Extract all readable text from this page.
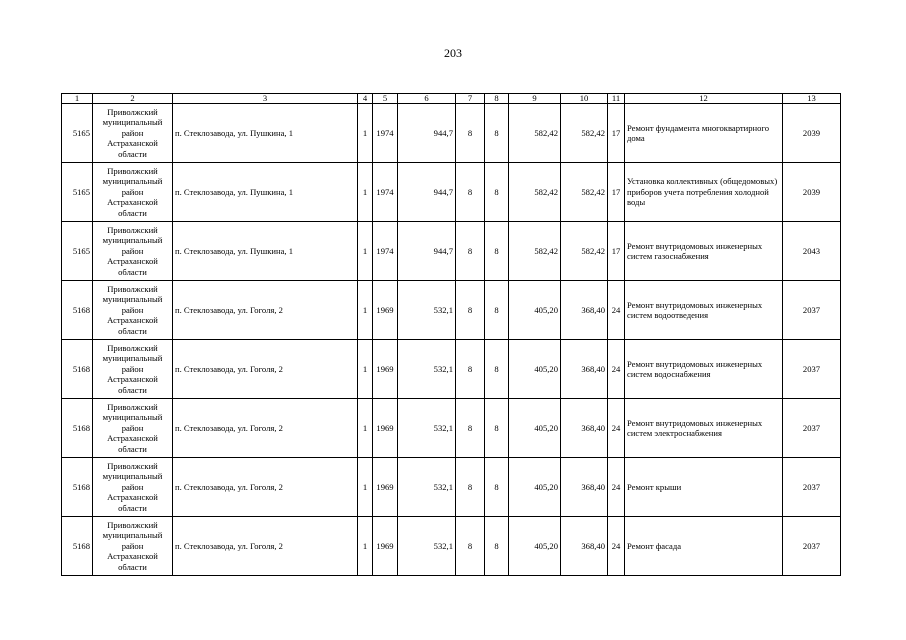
203
1	2	3	4	5	6	7	8	9	10	11	12	13
5165	Приволжский
муниципальный
район
Астраханской
области	п. Стеклозавода, ул. Пушкина, 1	1	1974	944,7	8	8	582,42	582,42	17	Ремонт фундамента многоквартирного дома	2039
5165	Приволжский
муниципальный
район
Астраханской
области	п. Стеклозавода, ул. Пушкина, 1	1	1974	944,7	8	8	582,42	582,42	17	Установка коллективных (общедомовых) приборов учета потребления холодной воды	2039
5165	Приволжский
муниципальный
район
Астраханской
области	п. Стеклозавода, ул. Пушкина, 1	1	1974	944,7	8	8	582,42	582,42	17	Ремонт внутридомовых инженерных систем газоснабжения	2043
5168	Приволжский
муниципальный
район
Астраханской
области	п. Стеклозавода, ул. Гоголя, 2	1	1969	532,1	8	8	405,20	368,40	24	Ремонт внутридомовых инженерных систем водоотведения	2037
5168	Приволжский
муниципальный
район
Астраханской
области	п. Стеклозавода, ул. Гоголя, 2	1	1969	532,1	8	8	405,20	368,40	24	Ремонт внутридомовых инженерных систем водоснабжения	2037
5168	Приволжский
муниципальный
район
Астраханской
области	п. Стеклозавода, ул. Гоголя, 2	1	1969	532,1	8	8	405,20	368,40	24	Ремонт внутридомовых инженерных систем электроснабжения	2037
5168	Приволжский
муниципальный
район
Астраханской
области	п. Стеклозавода, ул. Гоголя, 2	1	1969	532,1	8	8	405,20	368,40	24	Ремонт крыши	2037
5168	Приволжский
муниципальный
район
Астраханской
области	п. Стеклозавода, ул. Гоголя, 2	1	1969	532,1	8	8	405,20	368,40	24	Ремонт фасада	2037
